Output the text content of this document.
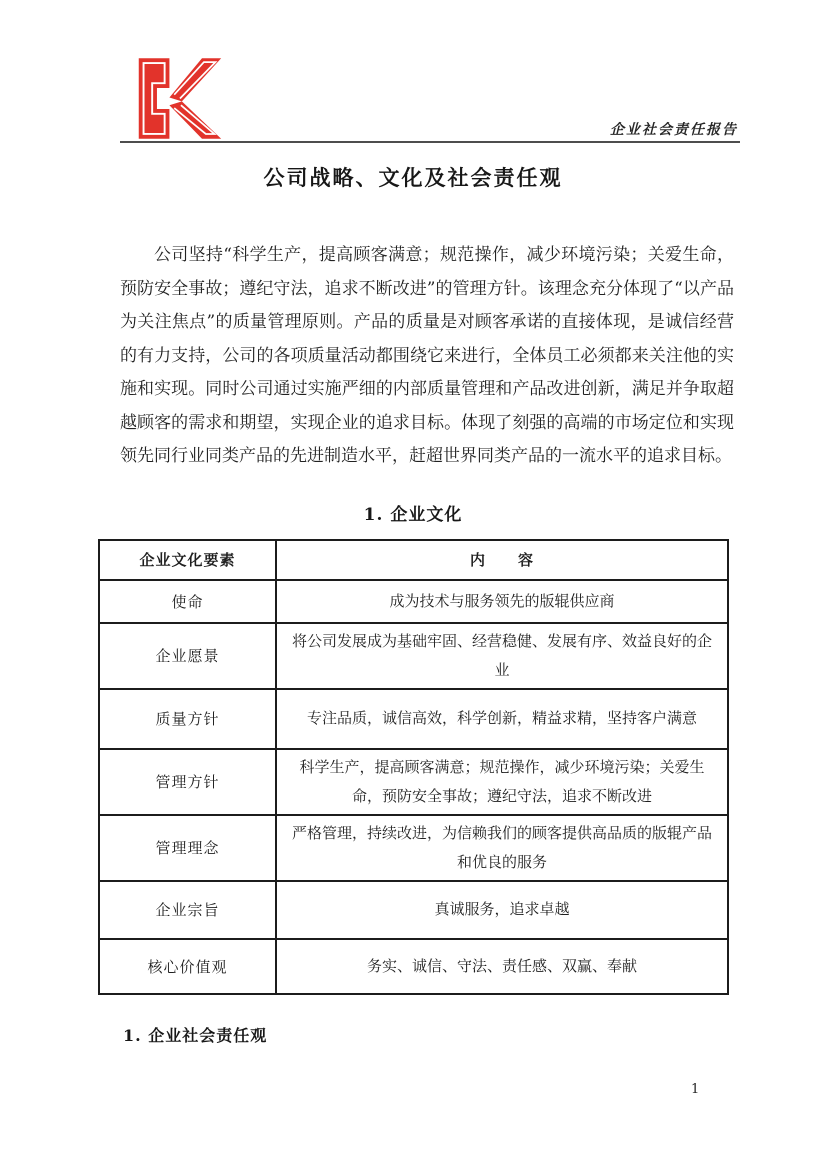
企业社会责任报告
公司战略、文化及社会责任观

公司坚持“科学生产，提高顾客满意；规范操作，减少环境污染；关爱生命，预防安全事故；遵纪守法，追求不断改进”的管理方针。该理念充分体现了“以产品为关注焦点”的质量管理原则。产品的质量是对顾客承诺的直接体现，是诚信经营的有力支持，公司的各项质量活动都围绕它来进行，全体员工必须都来关注他的实施和实现。同时公司通过实施严细的内部质量管理和产品改进创新，满足并争取超越顾客的需求和期望，实现企业的追求目标。体现了刻强的高端的市场定位和实现领先同行业同类产品的先进制造水平，赶超世界同类产品的一流水平的追求目标。

1. 企业文化
企业文化要素	内　　容
使命	成为技术与服务领先的版辊供应商
企业愿景	将公司发展成为基础牢固、经营稳健、发展有序、效益良好的企业
质量方针	专注品质，诚信高效，科学创新，精益求精，坚持客户满意
管理方针	科学生产，提高顾客满意；规范操作，减少环境污染；关爱生命，预防安全事故；遵纪守法，追求不断改进
管理理念	严格管理，持续改进，为信赖我们的顾客提供高品质的版辊产品和优良的服务
企业宗旨	真诚服务，追求卓越
核心价值观	务实、诚信、守法、责任感、双赢、奉献
1. 企业社会责任观
1
